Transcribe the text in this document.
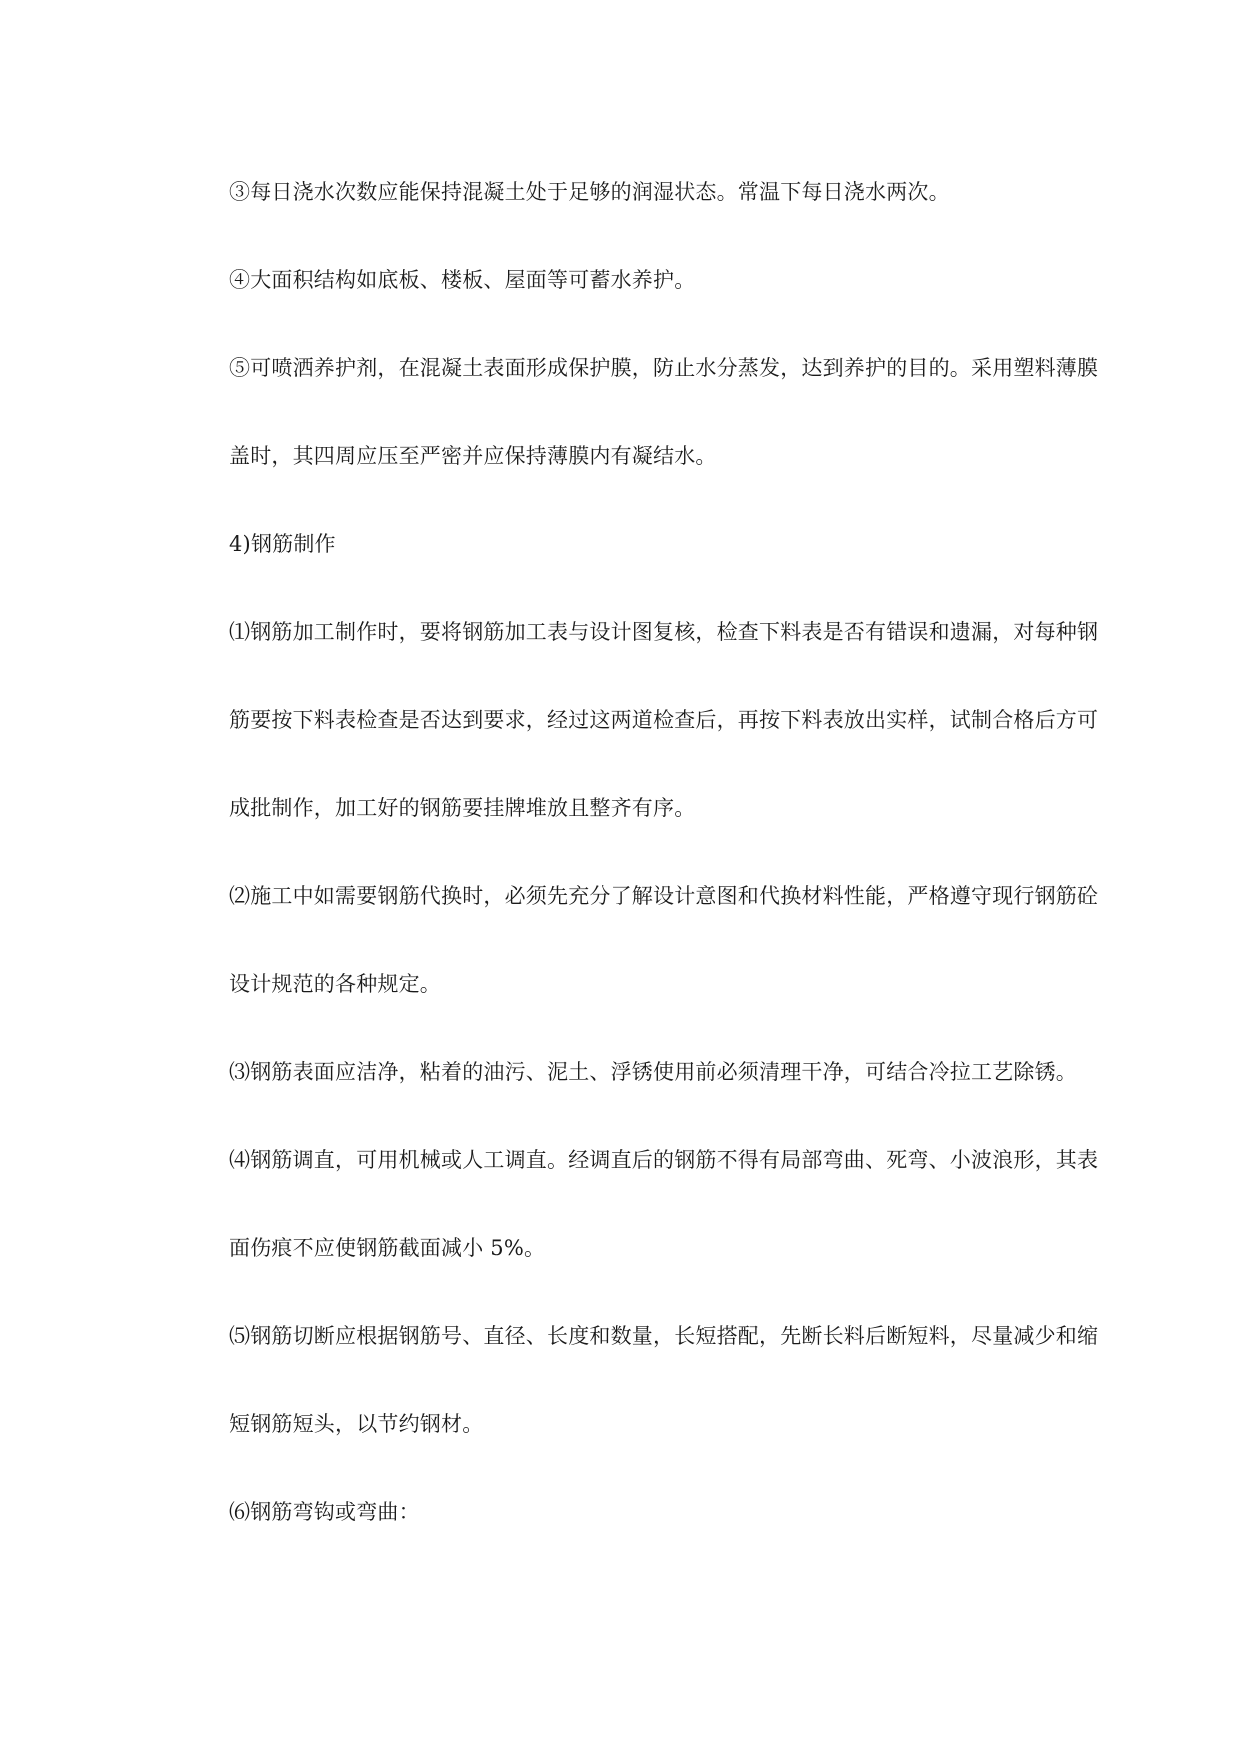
③每日浇水次数应能保持混凝土处于足够的润湿状态。常温下每日浇水两次。
④大面积结构如底板、楼板、屋面等可蓄水养护。
⑤可喷洒养护剂，在混凝土表面形成保护膜，防止水分蒸发，达到养护的目的。采用塑料薄膜
盖时，其四周应压至严密并应保持薄膜内有凝结水。
4)钢筋制作
⑴钢筋加工制作时，要将钢筋加工表与设计图复核，检查下料表是否有错误和遗漏，对每种钢
筋要按下料表检查是否达到要求，经过这两道检查后，再按下料表放出实样，试制合格后方可
成批制作，加工好的钢筋要挂牌堆放且整齐有序。
⑵施工中如需要钢筋代换时，必须先充分了解设计意图和代换材料性能，严格遵守现行钢筋砼
设计规范的各种规定。
⑶钢筋表面应洁净，粘着的油污、泥土、浮锈使用前必须清理干净，可结合冷拉工艺除锈。
⑷钢筋调直，可用机械或人工调直。经调直后的钢筋不得有局部弯曲、死弯、小波浪形，其表
面伤痕不应使钢筋截面减小 5%。
⑸钢筋切断应根据钢筋号、直径、长度和数量，长短搭配，先断长料后断短料，尽量减少和缩
短钢筋短头，以节约钢材。
⑹钢筋弯钩或弯曲：
